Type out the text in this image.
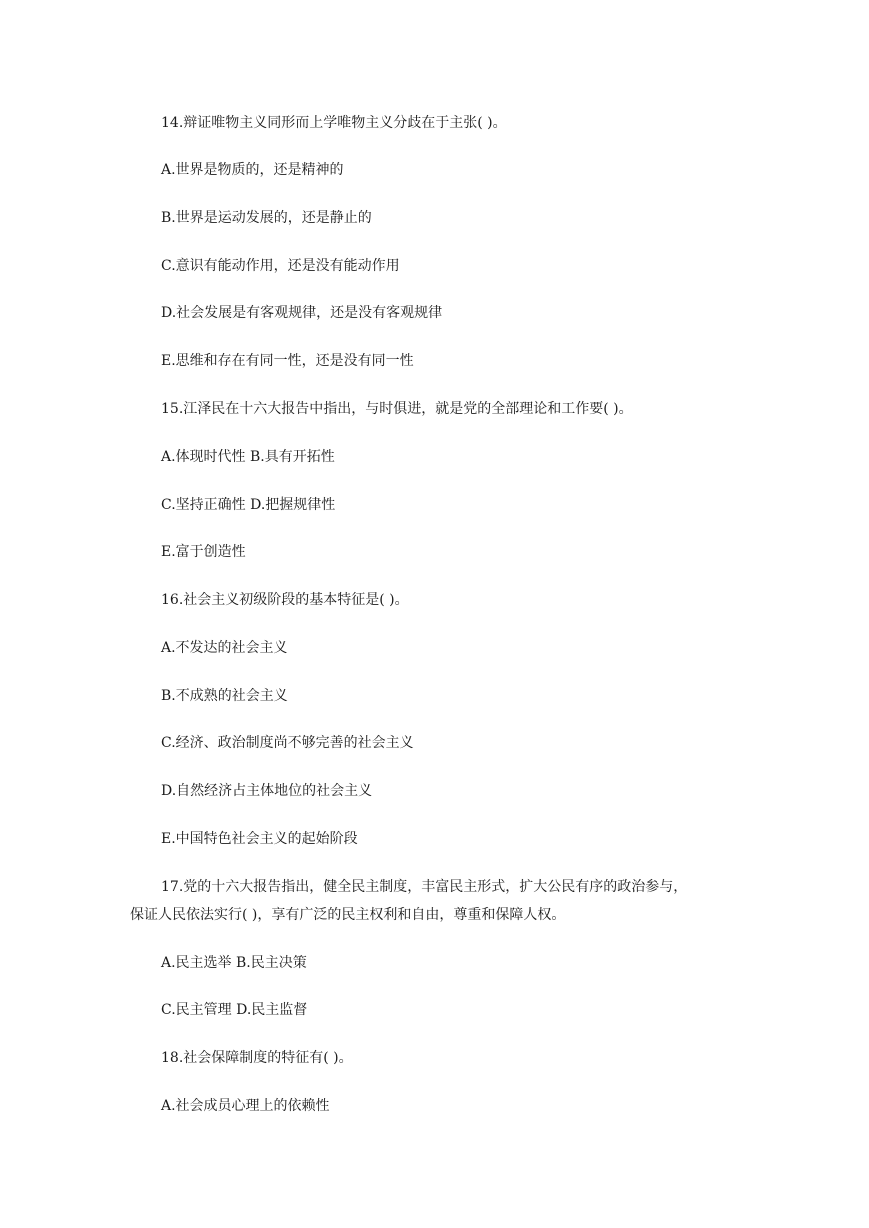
14.辩证唯物主义同形而上学唯物主义分歧在于主张( )。
A.世界是物质的，还是精神的
B.世界是运动发展的，还是静止的
C.意识有能动作用，还是没有能动作用
D.社会发展是有客观规律，还是没有客观规律
E.思维和存在有同一性，还是没有同一性
15.江泽民在十六大报告中指出，与时俱进，就是党的全部理论和工作要( )。
A.体现时代性 B.具有开拓性
C.坚持正确性 D.把握规律性
E.富于创造性
16.社会主义初级阶段的基本特征是( )。
A.不发达的社会主义
B.不成熟的社会主义
C.经济、政治制度尚不够完善的社会主义
D.自然经济占主体地位的社会主义
E.中国特色社会主义的起始阶段
17.党的十六大报告指出，健全民主制度，丰富民主形式，扩大公民有序的政治参与，
保证人民依法实行( )，享有广泛的民主权利和自由，尊重和保障人权。
A.民主选举 B.民主决策
C.民主管理 D.民主监督
18.社会保障制度的特征有( )。
A.社会成员心理上的依赖性
